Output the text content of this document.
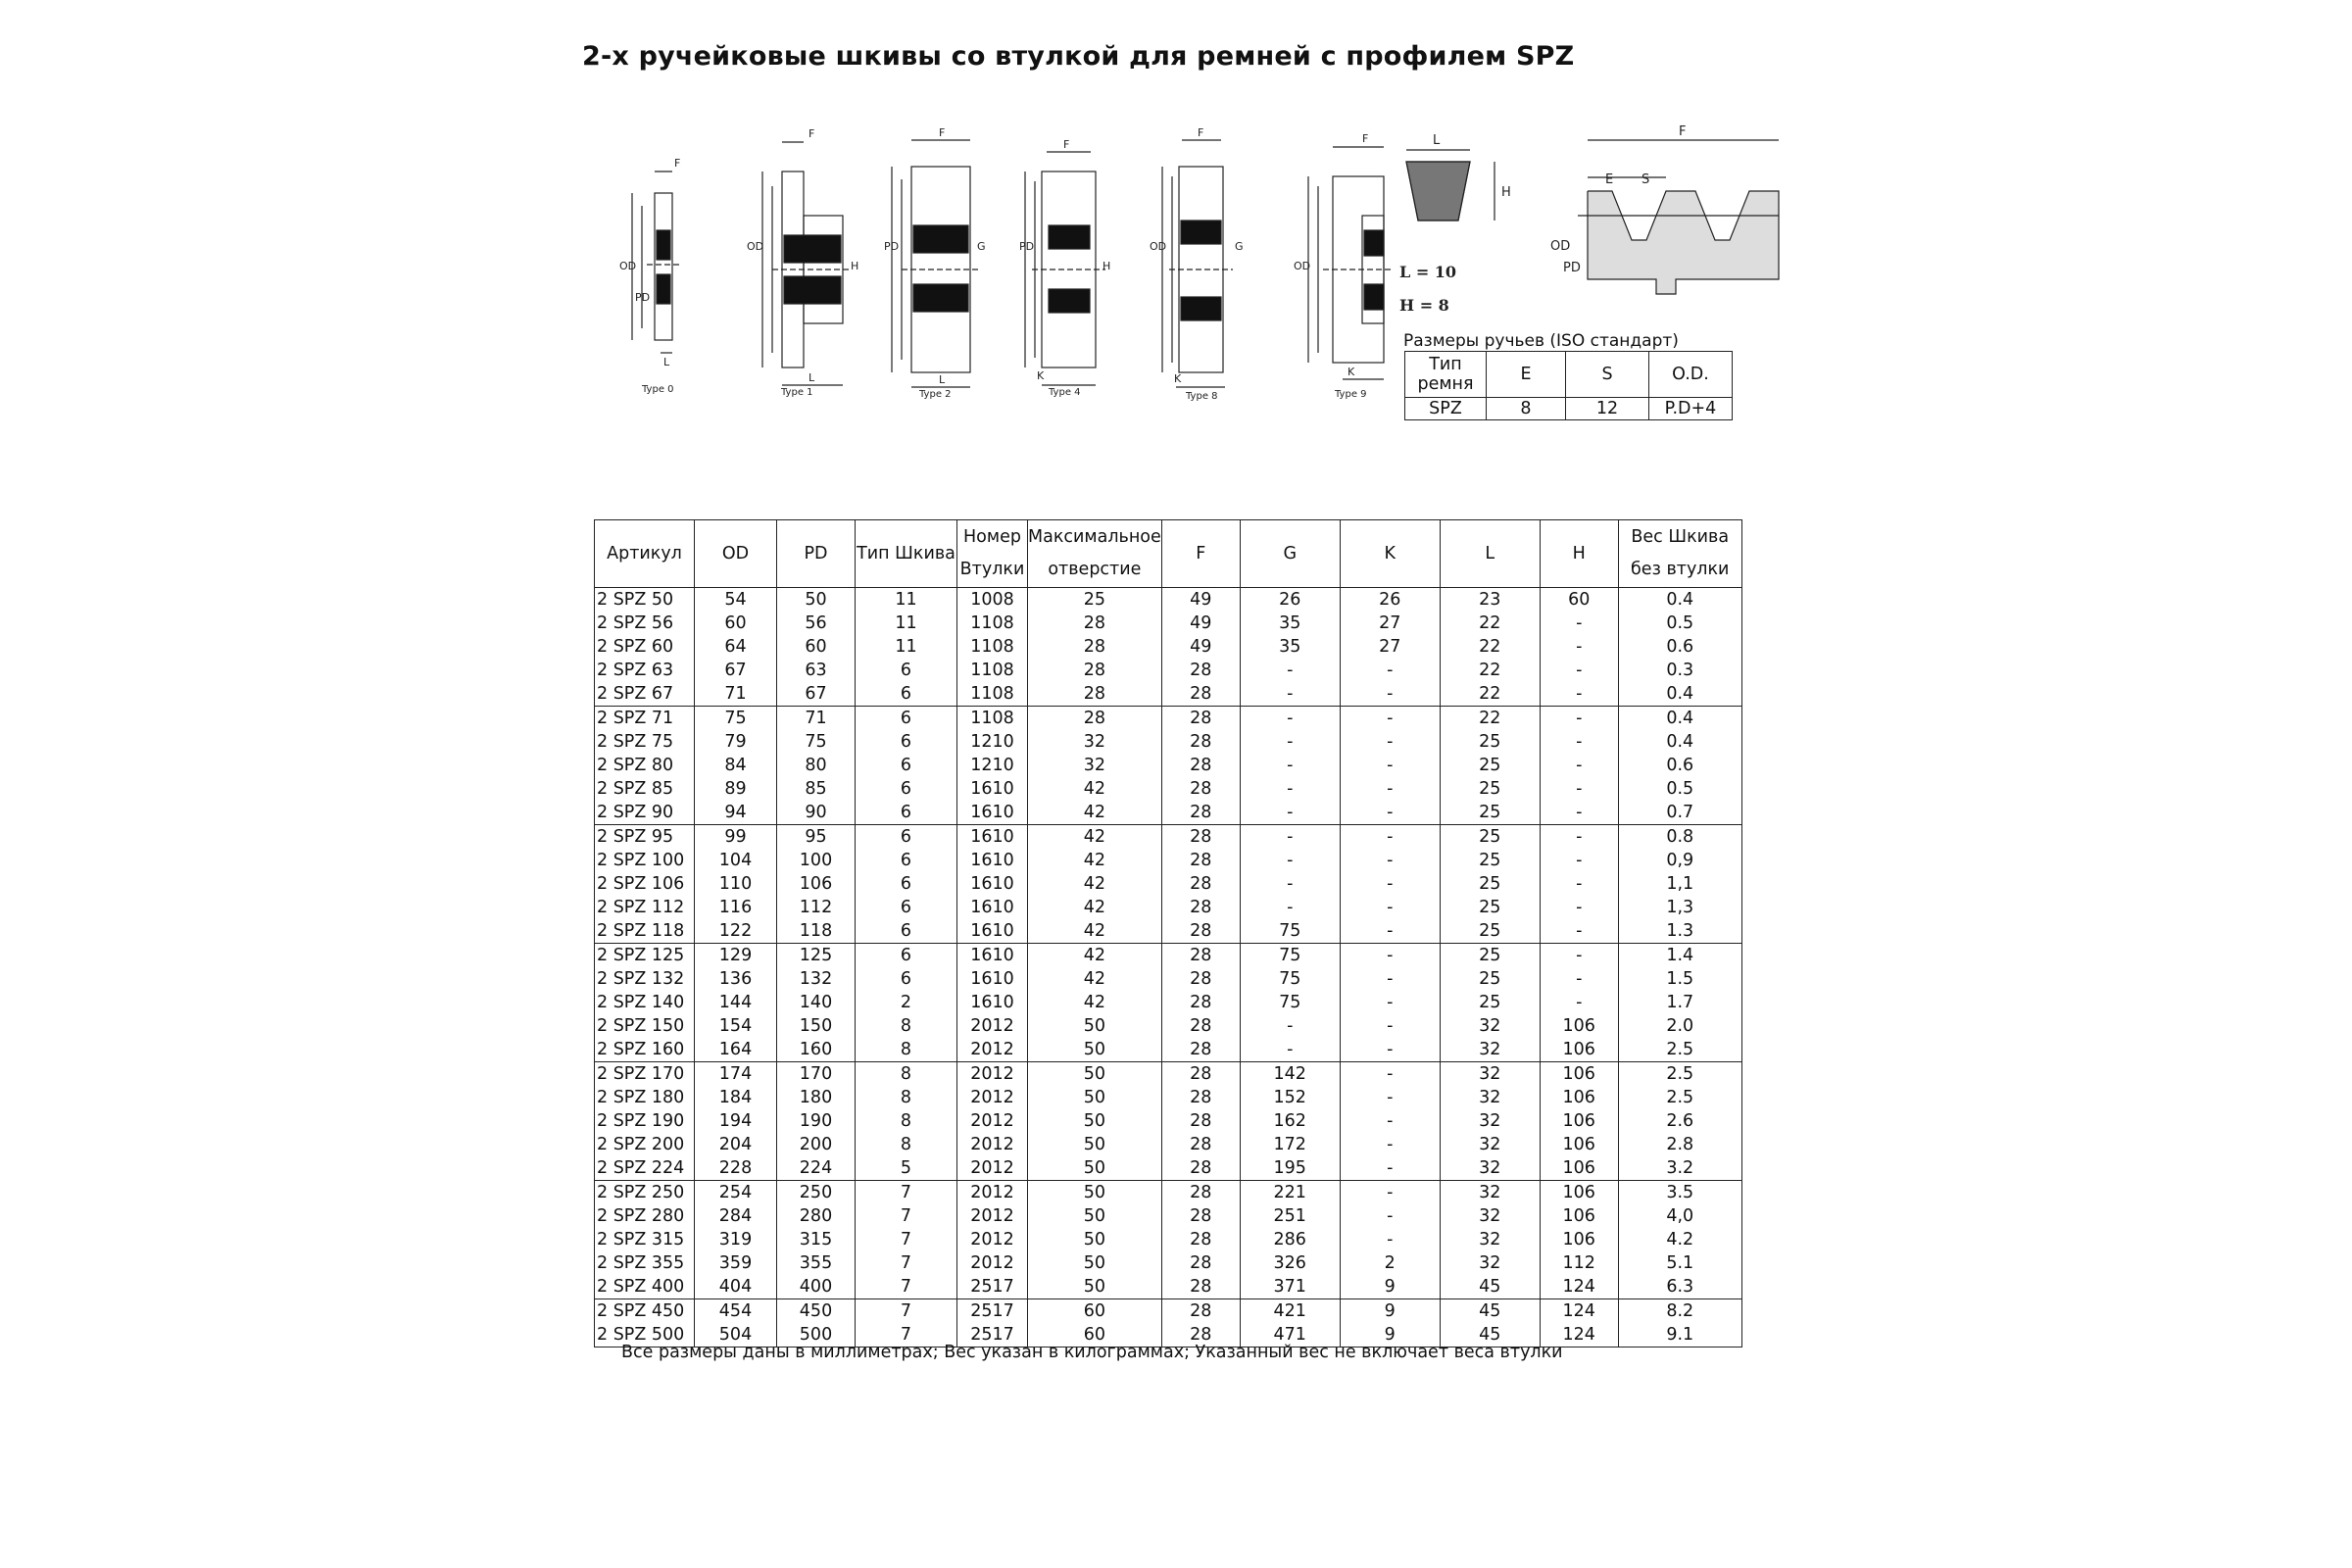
2-х ручейковые шкивы со втулкой для ремней с профилем SPZ
Type 0	Type 1	Type 2	Type 4	Type 8	Type 9
F
OD
PD
L
F
OD
H
L
F
PD	G
L
F
PD
H
K
F
OD	G
K
F
OD
K
L
H
L = 10
H = 8
F
E S
OD
PD
Размеры ручьев (ISO стандарт)
Тип ремня	E	S	O.D.
SPZ	8	12	P.D+4
Артикул	OD	PD	Тип Шкива	Номер Втулки	Максимальное отверстие	F	G	K	L	H	Вес Шкива без втулки
2 SPZ 50	54	50	11	1008	25	49	26	26	23	60	0.4
2 SPZ 56	60	56	11	1108	28	49	35	27	22	-	0.5
2 SPZ 60	64	60	11	1108	28	49	35	27	22	-	0.6
2 SPZ 63	67	63	6	1108	28	28	-	-	22	-	0.3
2 SPZ 67	71	67	6	1108	28	28	-	-	22	-	0.4
2 SPZ 71	75	71	6	1108	28	28	-	-	22	-	0.4
2 SPZ 75	79	75	6	1210	32	28	-	-	25	-	0.4
2 SPZ 80	84	80	6	1210	32	28	-	-	25	-	0.6
2 SPZ 85	89	85	6	1610	42	28	-	-	25	-	0.5
2 SPZ 90	94	90	6	1610	42	28	-	-	25	-	0.7
2 SPZ 95	99	95	6	1610	42	28	-	-	25	-	0.8
2 SPZ 100	104	100	6	1610	42	28	-	-	25	-	0,9
2 SPZ 106	110	106	6	1610	42	28	-	-	25	-	1,1
2 SPZ 112	116	112	6	1610	42	28	-	-	25	-	1,3
2 SPZ 118	122	118	6	1610	42	28	75	-	25	-	1.3
2 SPZ 125	129	125	6	1610	42	28	75	-	25	-	1.4
2 SPZ 132	136	132	6	1610	42	28	75	-	25	-	1.5
2 SPZ 140	144	140	2	1610	42	28	75	-	25	-	1.7
2 SPZ 150	154	150	8	2012	50	28	-	-	32	106	2.0
2 SPZ 160	164	160	8	2012	50	28	-	-	32	106	2.5
2 SPZ 170	174	170	8	2012	50	28	142	-	32	106	2.5
2 SPZ 180	184	180	8	2012	50	28	152	-	32	106	2.5
2 SPZ 190	194	190	8	2012	50	28	162	-	32	106	2.6
2 SPZ 200	204	200	8	2012	50	28	172	-	32	106	2.8
2 SPZ 224	228	224	5	2012	50	28	195	-	32	106	3.2
2 SPZ 250	254	250	7	2012	50	28	221	-	32	106	3.5
2 SPZ 280	284	280	7	2012	50	28	251	-	32	106	4,0
2 SPZ 315	319	315	7	2012	50	28	286	-	32	106	4.2
2 SPZ 355	359	355	7	2012	50	28	326	2	32	112	5.1
2 SPZ 400	404	400	7	2517	50	28	371	9	45	124	6.3
2 SPZ 450	454	450	7	2517	60	28	421	9	45	124	8.2
2 SPZ 500	504	500	7	2517	60	28	471	9	45	124	9.1
Все размеры даны в миллиметрах; Вес указан в килограммах; Указанный вес не включает веса втулки
